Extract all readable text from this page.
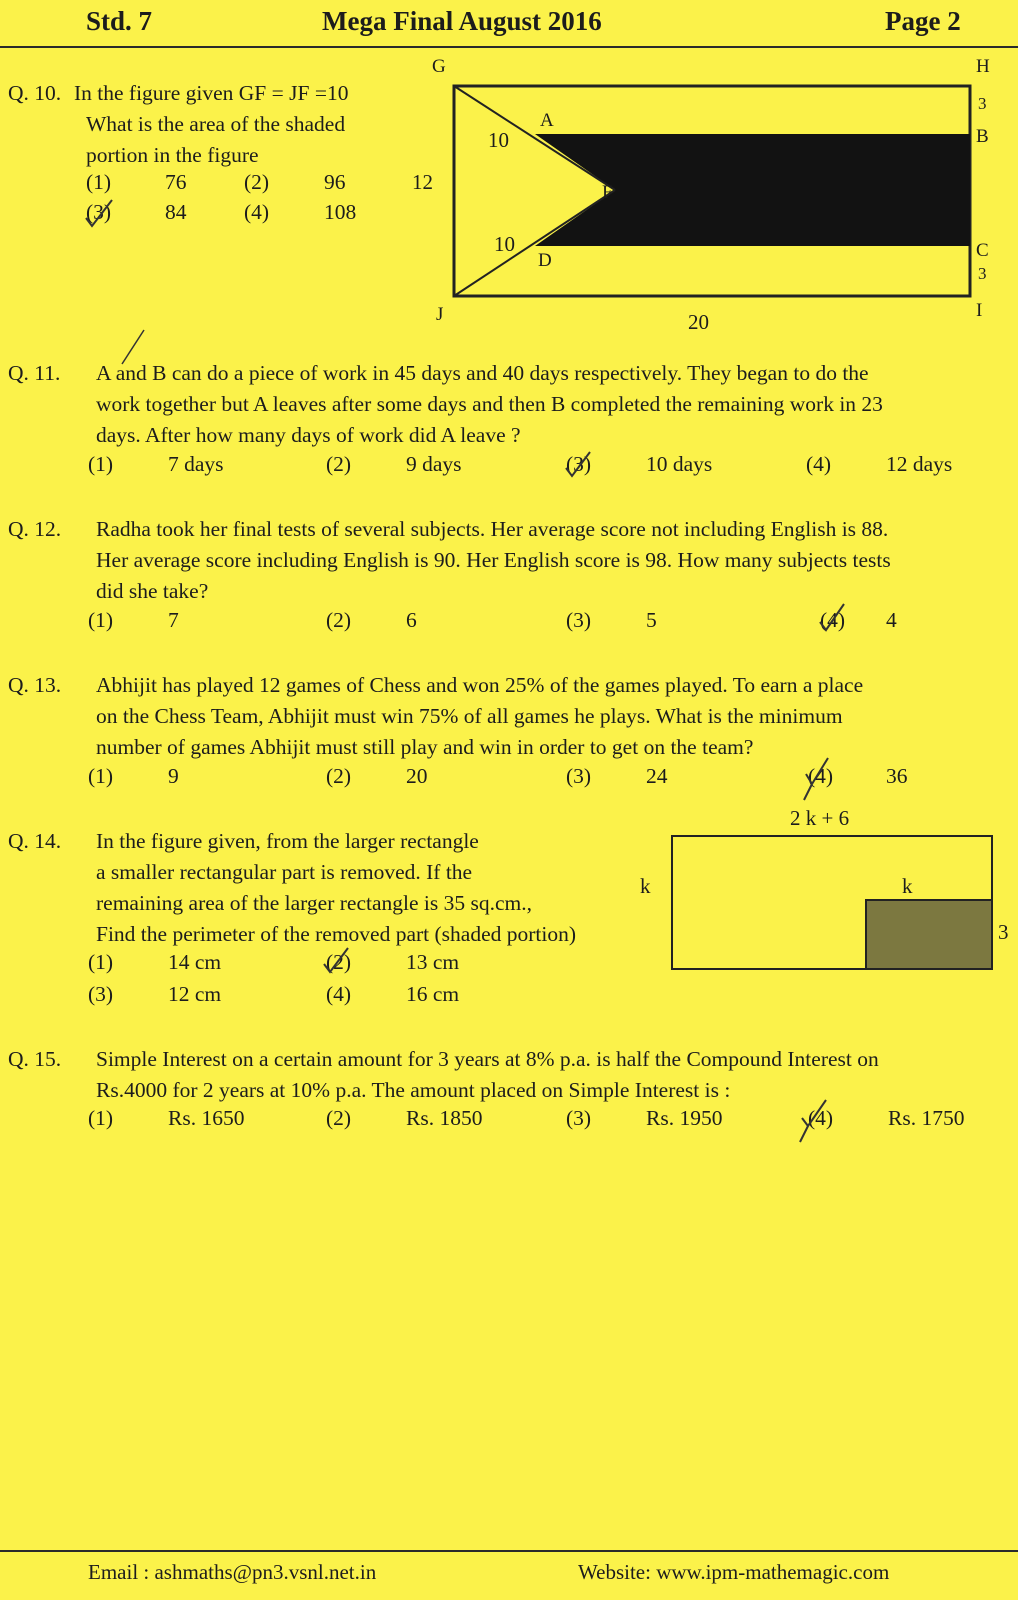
Std. 7	Mega Final August 2016	Page 2
Q. 10. In the figure given GF = JF =10
What is the area of the shaded
portion in the figure
(1)	76	(2)	96
(3)	84	(4)	108
G	H
A
B
F
D	C
J	I
10
10
12
20
3
3
Q. 11. A and B can do a piece of work in 45 days and 40 days respectively. They began to do the
work together but A leaves after some days and then B completed the remaining work in 23
days. After how many days of work did A leave ?
(1)	7 days	(2)	9 days	(3)	10 days	(4)	12 days
Q. 12. Radha took her final tests of several subjects. Her average score not including English is 88.
Her average score including English is 90. Her English score is 98. How many subjects tests
did she take?
(1)	7	(2)	6	(3)	5	(4) 4
Q. 13. Abhijit has played 12 games of Chess and won 25% of the games played. To earn a place
on the Chess Team, Abhijit must win 75% of all games he plays. What is the minimum
number of games Abhijit must still play and win in order to get on the team?
(1)	9	(2)	20	(3)	24	(4) 36
Q. 14. In the figure given, from the larger rectangle
a smaller rectangular part is removed. If the
remaining area of the larger rectangle is 35 sq.cm.,
Find the perimeter of the removed part (shaded portion)
(1)	14 cm	(2)	13 cm
(3)	12 cm	(4)	16 cm
2 k + 6
k	k
3
Q. 15. Simple Interest on a certain amount for 3 years at 8% p.a. is half the Compound Interest on
Rs.4000 for 2 years at 10% p.a. The amount placed on Simple Interest is :
(1)	Rs. 1650	(2)	Rs. 1850	(3)	Rs. 1950	(4)	Rs. 1750
Email : ashmaths@pn3.vsnl.net.in	Website: www.ipm-mathemagic.com
